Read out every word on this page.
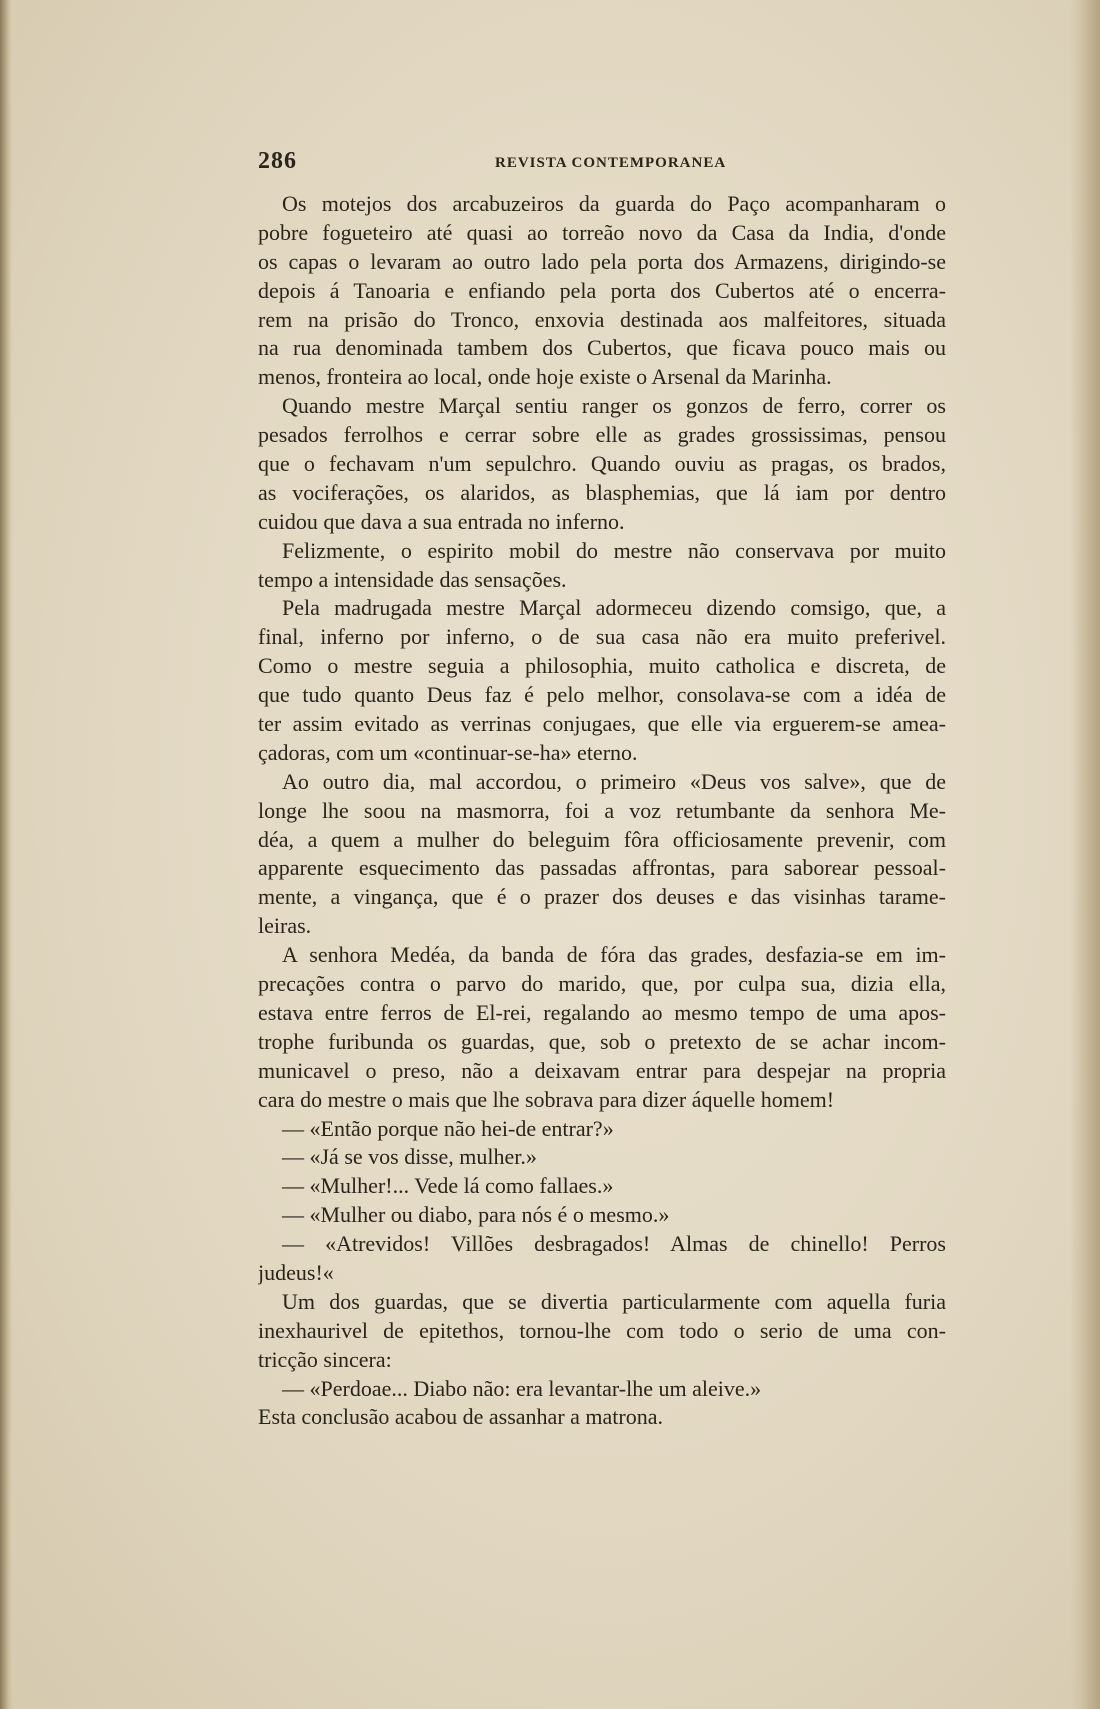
286	REVISTA CONTEMPORANEA
Os motejos dos arcabuzeiros da guarda do Paço acompanharam o
pobre fogueteiro até quasi ao torreão novo da Casa da India, d'onde
os capas o levaram ao outro lado pela porta dos Armazens, dirigindo-se
depois á Tanoaria e enfiando pela porta dos Cubertos até o encerra-
rem na prisão do Tronco, enxovia destinada aos malfeitores, situada
na rua denominada tambem dos Cubertos, que ficava pouco mais ou
menos, fronteira ao local, onde hoje existe o Arsenal da Marinha.
Quando mestre Marçal sentiu ranger os gonzos de ferro, correr os
pesados ferrolhos e cerrar sobre elle as grades grossissimas, pensou
que o fechavam n'um sepulchro. Quando ouviu as pragas, os brados,
as vociferações, os alaridos, as blasphemias, que lá iam por dentro
cuidou que dava a sua entrada no inferno.
Felizmente, o espirito mobil do mestre não conservava por muito
tempo a intensidade das sensações.
Pela madrugada mestre Marçal adormeceu dizendo comsigo, que, a
final, inferno por inferno, o de sua casa não era muito preferivel.
Como o mestre seguia a philosophia, muito catholica e discreta, de
que tudo quanto Deus faz é pelo melhor, consolava-se com a idéa de
ter assim evitado as verrinas conjugaes, que elle via erguerem-se amea-
çadoras, com um «continuar-se-ha» eterno.
Ao outro dia, mal accordou, o primeiro «Deus vos salve», que de
longe lhe soou na masmorra, foi a voz retumbante da senhora Me-
déa, a quem a mulher do beleguim fôra officiosamente prevenir, com
apparente esquecimento das passadas affrontas, para saborear pessoal-
mente, a vingança, que é o prazer dos deuses e das visinhas tarame-
leiras.
A senhora Medéa, da banda de fóra das grades, desfazia-se em im-
precações contra o parvo do marido, que, por culpa sua, dizia ella,
estava entre ferros de El-rei, regalando ao mesmo tempo de uma apos-
trophe furibunda os guardas, que, sob o pretexto de se achar incom-
municavel o preso, não a deixavam entrar para despejar na propria
cara do mestre o mais que lhe sobrava para dizer áquelle homem!
— «Então porque não hei-de entrar?»
— «Já se vos disse, mulher.»
— «Mulher!... Vede lá como fallaes.»
— «Mulher ou diabo, para nós é o mesmo.»
— «Atrevidos! Villões desbragados! Almas de chinello! Perros
judeus!«
Um dos guardas, que se divertia particularmente com aquella furia
inexhaurivel de epitethos, tornou-lhe com todo o serio de uma con-
tricção sincera:
— «Perdoae... Diabo não: era levantar-lhe um aleive.»
Esta conclusão acabou de assanhar a matrona.
